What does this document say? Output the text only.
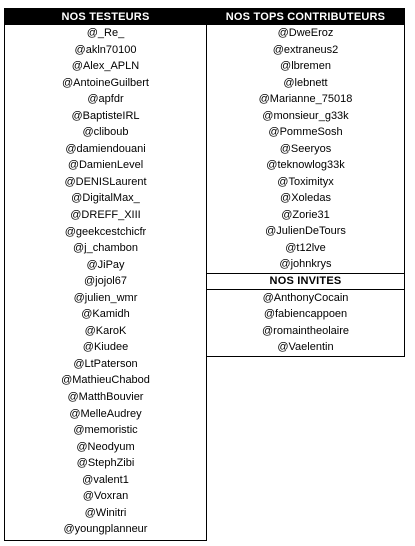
NOS TESTEURS
@_Re_
@akln70100
@Alex_APLN
@AntoineGuilbert
@apfdr
@BaptisteIRL
@cliboub
@damiendouani
@DamienLevel
@DENISLaurent
@DigitalMax_
@DREFF_XIII
@geekcestchicfr
@j_chambon
@JiPay
@jojol67
@julien_wmr
@Kamidh
@KaroK
@Kiudee
@LtPaterson
@MathieuChabod
@MatthBouvier
@MelleAudrey
@memoristic
@Neodyum
@StephZibi
@valent1
@Voxran
@Winitri
@youngplanneur
NOS TOPS CONTRIBUTEURS
@DweEroz
@extraneus2
@lbremen
@lebnett
@Marianne_75018
@monsieur_g33k
@PommeSosh
@Seeryos
@teknowlog33k
@Toximityx
@Xoledas
@Zorie31
@JulienDeTours
@t12lve
@johnkrys
NOS INVITES
@AnthonyCocain
@fabiencappoen
@romaintheolaire
@Vaelentin
